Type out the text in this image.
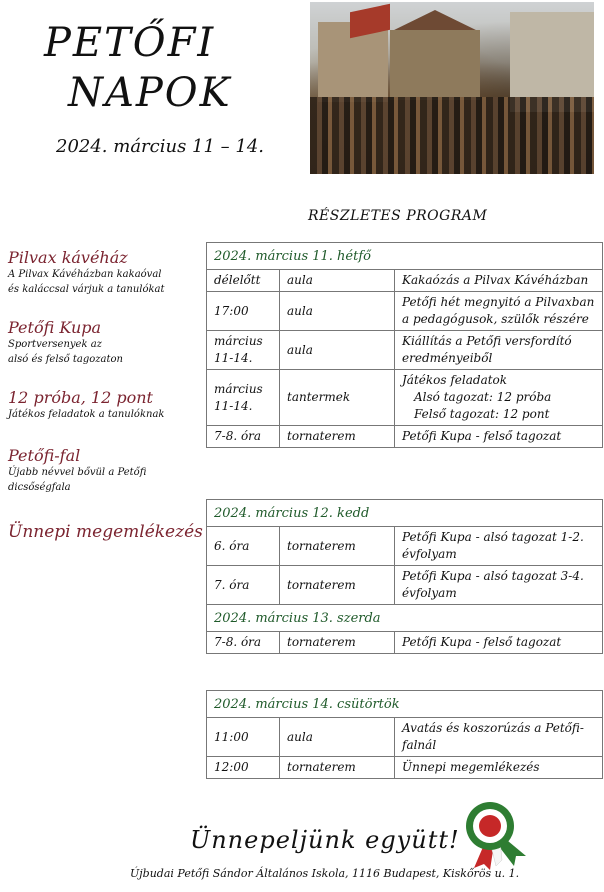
PETŐFI
NAPOK
2024. március 11 – 14.
RÉSZLETES PROGRAM
Pilvax kávéház
A Pilvax Kávéházban kakaóval
és kaláccsal várjuk a tanulókat
Petőfi Kupa
Sportversenyek az
alsó és felső tagozaton
12 próba, 12 pont
Játékos feladatok a tanulóknak
Petőfi-fal
Újabb névvel bővül a Petőfi
dicsőségfala
Ünnepi megemlékezés
2024. március 11. hétfő		
délelőtt	aula	Kakaózás a Pilvax Kávéházban
17:00	aula	Petőfi hét megnyitó a Pilvaxban a pedagógusok, szülők részére
március 11-14.	aula	Kiállítás a Petőfi versfordító eredményeiből
március 11-14.	tantermek	Játékos feladatok
Alsó tagozat: 12 próba
Felső tagozat: 12 pont

7-8. óra	tornaterem	Petőfi Kupa - felső tagozat
2024. március 12. kedd		
6. óra	tornaterem	Petőfi Kupa - alsó tagozat 1-2. évfolyam
7. óra	tornaterem	Petőfi Kupa - alsó tagozat 3-4. évfolyam
2024. március 13. szerda		
7-8. óra	tornaterem	Petőfi Kupa - felső tagozat
2024. március 14. csütörtök		
11:00	aula	Avatás és koszorúzás a Petőfi-falnál
12:00	tornaterem	Ünnepi megemlékezés
Ünnepeljünk együtt!
Újbudai Petőfi Sándor Általános Iskola, 1116 Budapest, Kiskőrös u. 1.
